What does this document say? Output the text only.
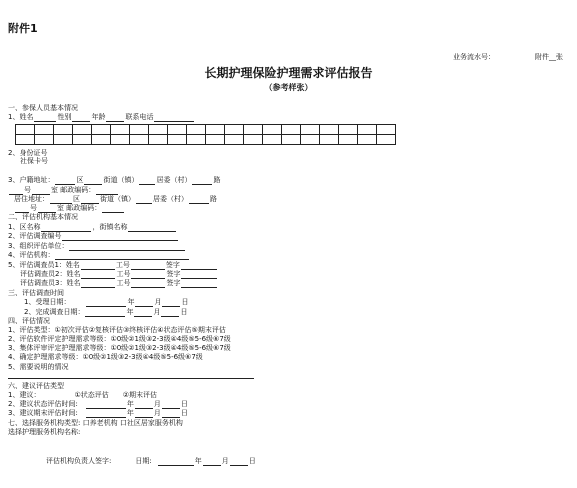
附件1
业务流水号：	附件__张
长期护理保险护理需求评估报告
（参考样张）
一、参保人员基本情况
1、姓名	性别	年龄	联系电话

2、身份证号
社保卡号
3、户籍地址：	区	街道（镇）	居委（村）	路
号	室 邮政编码：
居住地址：	区	街道（镇）	居委（村）	路
号	室 邮政编码：
二、评估机构基本情况
1、区名称	，街镇名称
2、评估调查编号
3、组织评估单位：
4、评估机构：
5、评估调查员1：姓名	工号	签字
评估调查员2：姓名	工号	签字
评估调查员3：姓名	工号	签字
三、评估调查时间
1、受理日期：	年	月	日
2、完成调查日期：	年	月	日
四、评估情况
1、评估类型：①初次评估②复核评估③终核评估④状态评估⑤期末评估
2、评估软件评定护理需求等级：①0级②1级③2-3级④4级⑤5-6级⑥7级
3、集体评审评定护理需求等级：①0级②1级③2-3级④4级⑤5-6级⑥7级
4、确定护理需求等级：①0级②1级③2-3级④4级⑤5-6级⑥7级
5、需要说明的情况
六、建议评估类型
1、建议：	①状态评估 ②期末评估
2、建议状态评估时间:	年	月	日
3、建议期末评估时间:	年	月	日
七、选择服务机构类型: 口养老机构 口社区居家服务机构
选择护理服务机构名称:
评估机构负责人签字:	日期:	年	月	日
